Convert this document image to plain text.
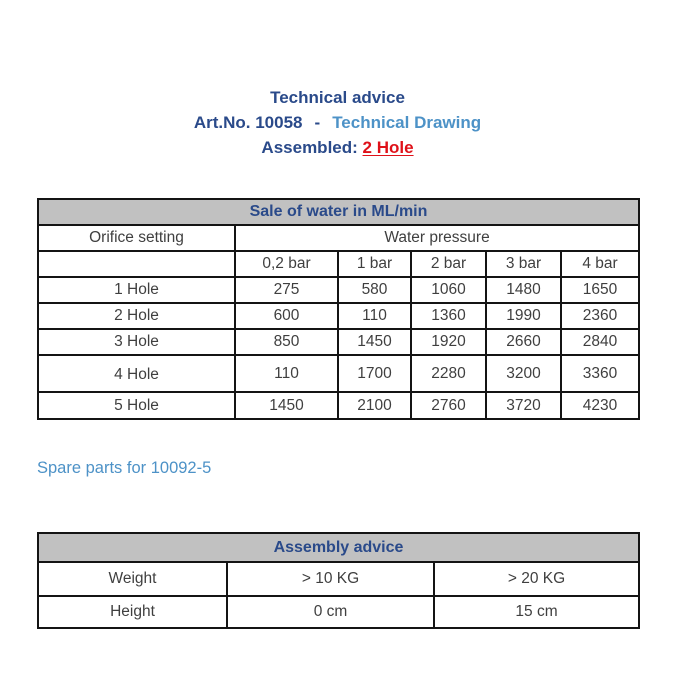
Technical advice
Art.No. 10058 - Technical Drawing
Assembled: 2 Hole
Sale of water in ML/min					
Orifice setting	Water pressure				
	0,2 bar	1 bar	2 bar	3 bar	4 bar
1 Hole	275	580	1060	1480	1650
2 Hole	600	110	1360	1990	2360
3 Hole	850	1450	1920	2660	2840
4 Hole	110	1700	2280	3200	3360
5 Hole	1450	2100	2760	3720	4230
Spare parts for 10092-5
Assembly advice		
Weight	> 10 KG	> 20 KG
Height	0 cm	15 cm
